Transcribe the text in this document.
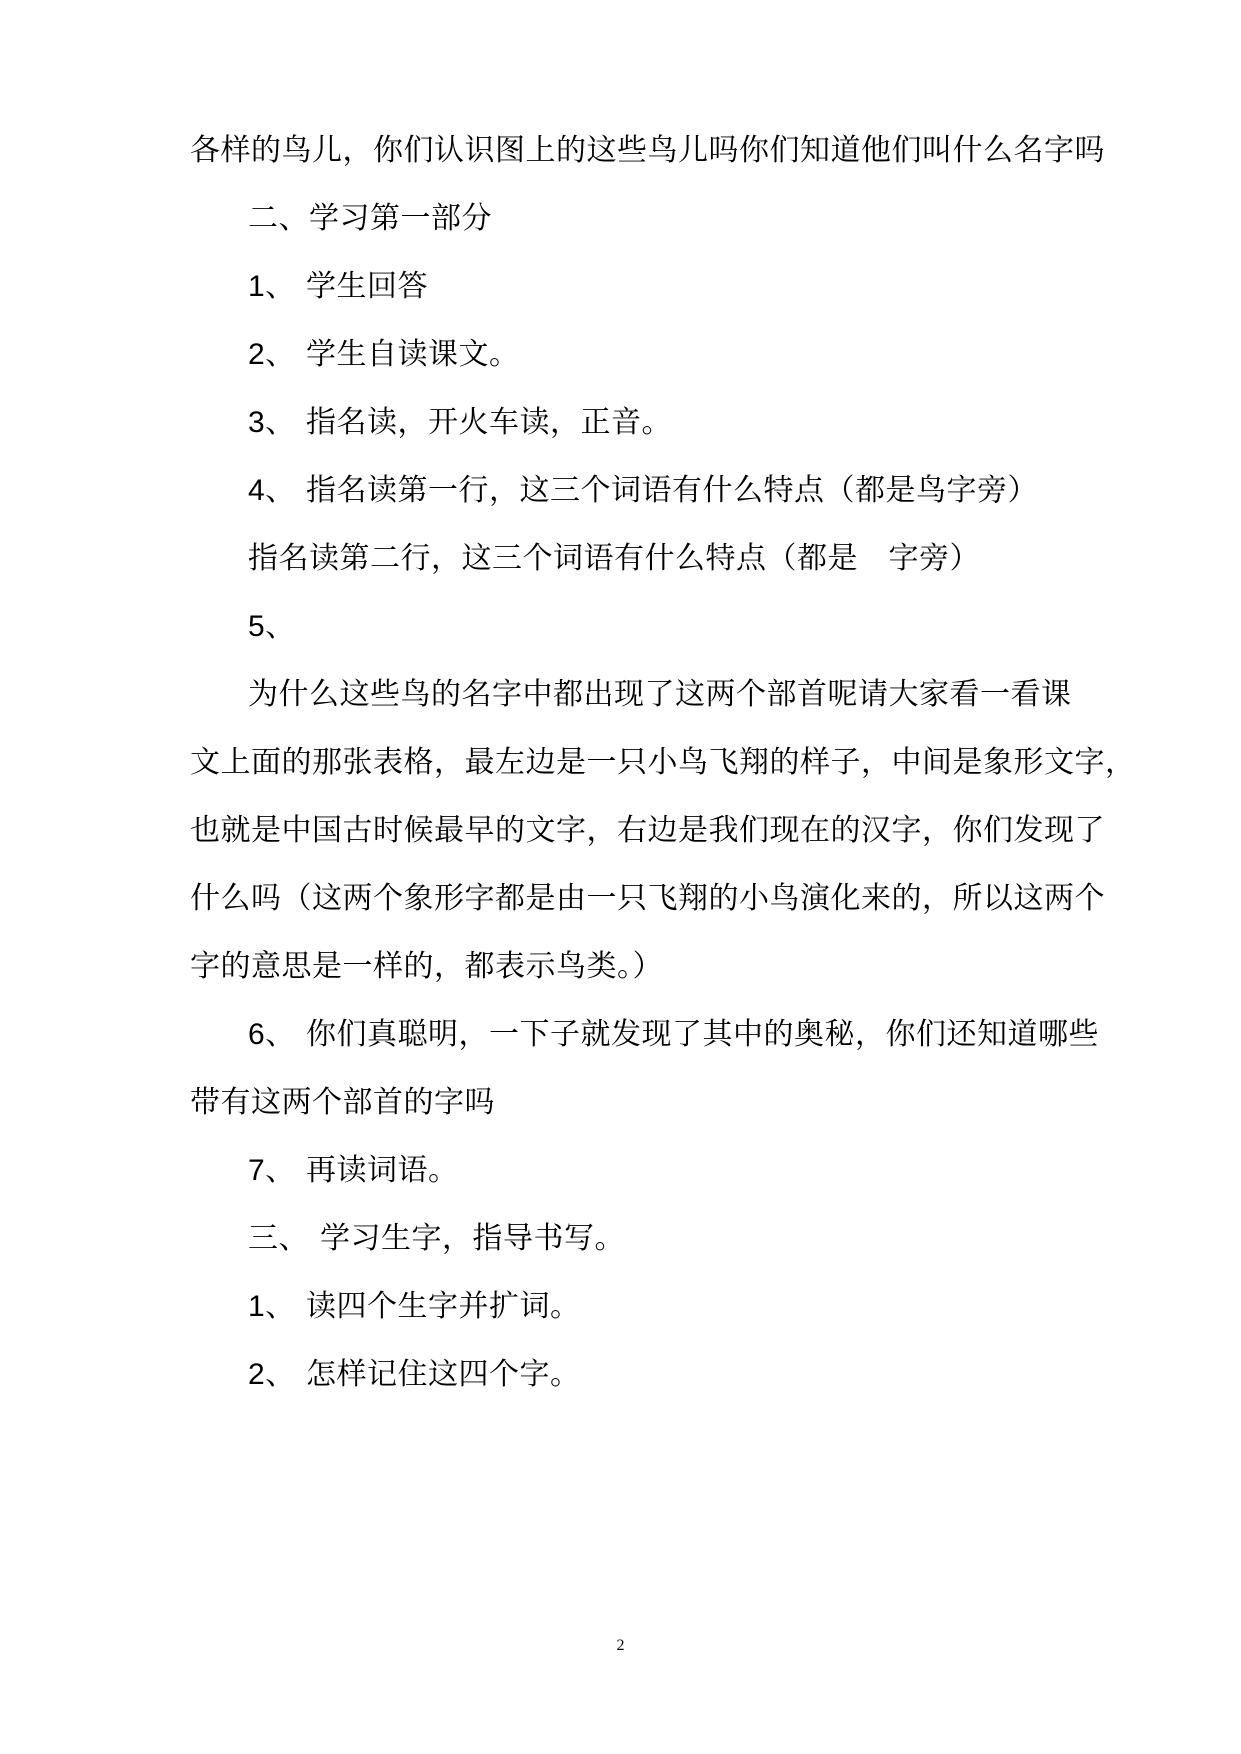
各样的鸟儿，你们认识图上的这些鸟儿吗你们知道他们叫什么名字吗
二、学习第一部分
1、 学生回答
2、 学生自读课文。
3、 指名读，开火车读，正音。
4、 指名读第一行，这三个词语有什么特点（都是鸟字旁）
指名读第二行，这三个词语有什么特点（都是　字旁）
5、
为什么这些鸟的名字中都出现了这两个部首呢请大家看一看课
文上面的那张表格，最左边是一只小鸟飞翔的样子，中间是象形文字，
也就是中国古时候最早的文字，右边是我们现在的汉字，你们发现了
什么吗（这两个象形字都是由一只飞翔的小鸟演化来的，所以这两个
字的意思是一样的，都表示鸟类。）
6、 你们真聪明，一下子就发现了其中的奥秘，你们还知道哪些
带有这两个部首的字吗
7、 再读词语。
三、 学习生字，指导书写。
1、 读四个生字并扩词。
2、 怎样记住这四个字。
2
